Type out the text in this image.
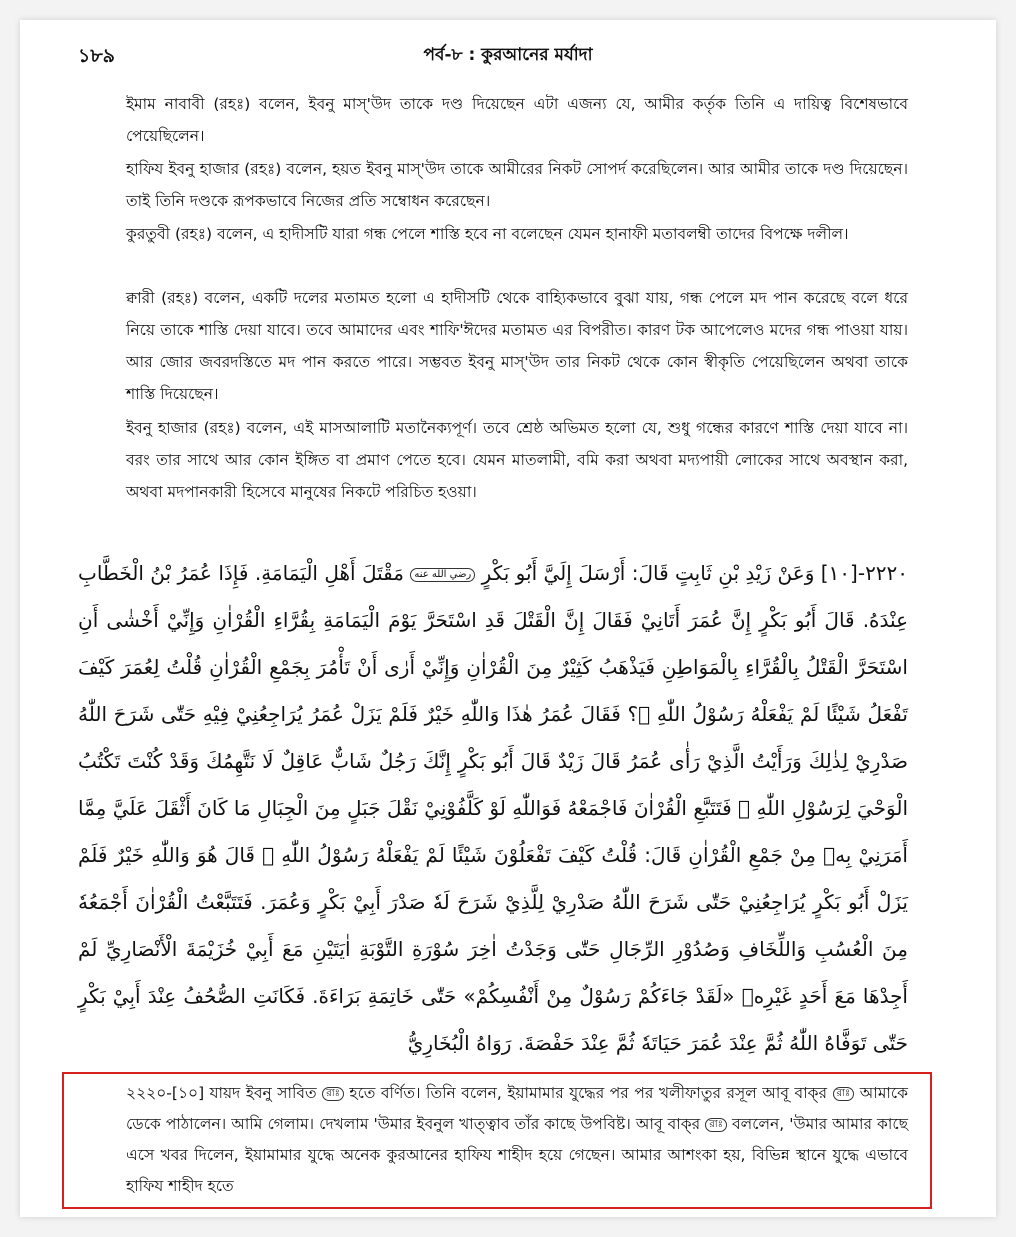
১৮৯	পর্ব-৮ : কুরআনের মর্যাদা
ইমাম নাবাবী (রহঃ) বলেন, ইবনু মাস্‌'উদ তাকে দণ্ড দিয়েছেন এটা এজন্য যে, আমীর কর্তৃক তিনি এ দায়িত্ব বিশেষভাবে পেয়েছিলেন।
হাফিয ইবনু হাজার (রহঃ) বলেন, হয়ত ইবনু মাস্‌'উদ তাকে আমীরের নিকট সোপর্দ করেছিলেন। আর আমীর তাকে দণ্ড দিয়েছেন। তাই তিনি দণ্ডকে রূপকভাবে নিজের প্রতি সম্বোধন করেছেন।
কুরতুবী (রহঃ) বলেন, এ হাদীসটি যারা গন্ধ পেলে শাস্তি হবে না বলেছেন যেমন হানাফী মতাবলম্বী তাদের বিপক্ষে দলীল।
ক্বারী (রহঃ) বলেন, একটি দলের মতামত হলো এ হাদীসটি থেকে বাহ্যিকভাবে বুঝা যায়, গন্ধ পেলে মদ পান করেছে বলে ধরে নিয়ে তাকে শাস্তি দেয়া যাবে। তবে আমাদের এবং শাফি'ঈদের মতামত এর বিপরীত। কারণ টক আপেলেও মদের গন্ধ পাওয়া যায়। আর জোর জবরদস্তিতে মদ পান করতে পারে। সম্ভবত ইবনু মাস্‌'উদ তার নিকট থেকে কোন স্বীকৃতি পেয়েছিলেন অথবা তাকে শাস্তি দিয়েছেন।
ইবনু হাজার (রহঃ) বলেন, এই মাসআলাটি মতানৈক্যপূর্ণ। তবে শ্রেষ্ঠ অভিমত হলো যে, শুধু গন্ধের কারণে শাস্তি দেয়া যাবে না। বরং তার সাথে আর কোন ইঙ্গিত বা প্রমাণ পেতে হবে। যেমন মাতলামী, বমি করা অথবা মদ্যপায়ী লোকের সাথে অবস্থান করা, অথবা মদপানকারী হিসেবে মানুষের নিকটে পরিচিত হওয়া।
٢٢٢٠-[١٠] وَعَنْ زَيْدِ بْنِ ثَابِتٍ قَالَ: أَرْسَلَ إِلَيَّ أَبُو بَكْرٍ رضي الله عنه مَقْتَلَ أَهْلِ الْيَمَامَةِ. فَإِذَا عُمَرُ بْنُ الْخَطَّابِ عِنْدَهُ. قَالَ أَبُو بَكْرٍ إِنَّ عُمَرَ أَتَانِيْ فَقَالَ إِنَّ الْقَتْلَ قَدِ اسْتَحَرَّ يَوْمَ الْيَمَامَةِ بِقُرَّاءِ الْقُرْاٰنِ وَإِنِّيْ أَخْشٰى أَنِ اسْتَحَرَّ الْقَتْلُ بِالْقُرَّاءِ بِالْمَوَاطِنِ فَيَذْهَبُ كَثِيْرٌ مِنَ الْقُرْاٰنِ وَإِنِّيْ أَرٰى أَنْ تَأْمُرَ بِجَمْعِ الْقُرْاٰنِ قُلْتُ لِعُمَرَ كَيْفَ تَفْعَلُ شَيْئًا لَمْ يَفْعَلْهُ رَسُوْلُ اللّٰهِ ﷺ؟ فَقَالَ عُمَرُ هٰذَا وَاللّٰهِ خَيْرٌ فَلَمْ يَزَلْ عُمَرُ يُرَاجِعُنِيْ فِيْهِ حَتّٰى شَرَحَ اللّٰهُ صَدْرِيْ لِذٰلِكَ وَرَأَيْتُ الَّذِيْ رَأٰى عُمَرُ قَالَ زَيْدٌ قَالَ أَبُو بَكْرٍ إِنَّكَ رَجُلٌ شَابٌّ عَاقِلٌ لَا نَتَّهِمُكَ وَقَدْ كُنْتَ تَكْتُبُ الْوَحْيَ لِرَسُوْلِ اللّٰهِ ﷺ فَتَتَبَّعِ الْقُرْاٰنَ فَاجْمَعْهُ فَوَاللّٰهِ لَوْ كَلَّفُوْنِيْ نَقْلَ جَبَلٍ مِنَ الْجِبَالِ مَا كَانَ أَثْقَلَ عَلَيَّ مِمَّا أَمَرَنِيْ بِهٖ مِنْ جَمْعِ الْقُرْاٰنِ قَالَ: قُلْتُ كَيْفَ تَفْعَلُوْنَ شَيْئًا لَمْ يَفْعَلْهُ رَسُوْلُ اللّٰهِ ﷺ قَالَ هُوَ وَاللّٰهِ خَيْرٌ فَلَمْ يَزَلْ أَبُو بَكْرٍ يُرَاجِعُنِيْ حَتّٰى شَرَحَ اللّٰهُ صَدْرِيْ لِلَّذِيْ شَرَحَ لَهٗ صَدْرَ أَبِيْ بَكْرٍ وَعُمَرَ. فَتَتَبَّعْتُ الْقُرْاٰنَ أَجْمَعُهٗ مِنَ الْعُسُبِ وَاللِّخَافِ وَصُدُوْرِ الرِّجَالِ حَتّٰى وَجَدْتُ اٰخِرَ سُوْرَةِ التَّوْبَةِ اٰيَتَيْنِ مَعَ أَبِيْ خُزَيْمَةَ الْأَنْصَارِيِّ لَمْ أَجِدْهَا مَعَ أَحَدٍ غَيْرِهٖ «لَقَدْ جَاءَكُمْ رَسُوْلٌ مِنْ أَنْفُسِكُمْ» حَتّٰى خَاتِمَةِ بَرَاءَةَ. فَكَانَتِ الصُّحُفُ عِنْدَ أَبِيْ بَكْرٍ حَتّٰى تَوَفَّاهُ اللّٰهُ ثُمَّ عِنْدَ عُمَرَ حَيَاتَهٗ ثُمَّ عِنْدَ حَفْصَةَ. رَوَاهُ الْبُخَارِيُّ
২২২০-[১০] যায়দ ইবনু সাবিত রাঃ হতে বর্ণিত। তিনি বলেন, ইয়ামামার যুদ্ধের পর পর খলীফাতুর রসূল আবূ বাক্‌র রাঃ আমাকে ডেকে পাঠালেন। আমি গেলাম। দেখলাম 'উমার ইবনুল খাত্ত্বাব তাঁর কাছে উপবিষ্ট। আবূ বাক্‌র রাঃ বললেন, 'উমার আমার কাছে এসে খবর দিলেন, ইয়ামামার যুদ্ধে অনেক কুরআনের হাফিয শাহীদ হয়ে গেছেন। আমার আশংকা হয়, বিভিন্ন স্থানে যুদ্ধে এভাবে হাফিয শাহীদ হতে
